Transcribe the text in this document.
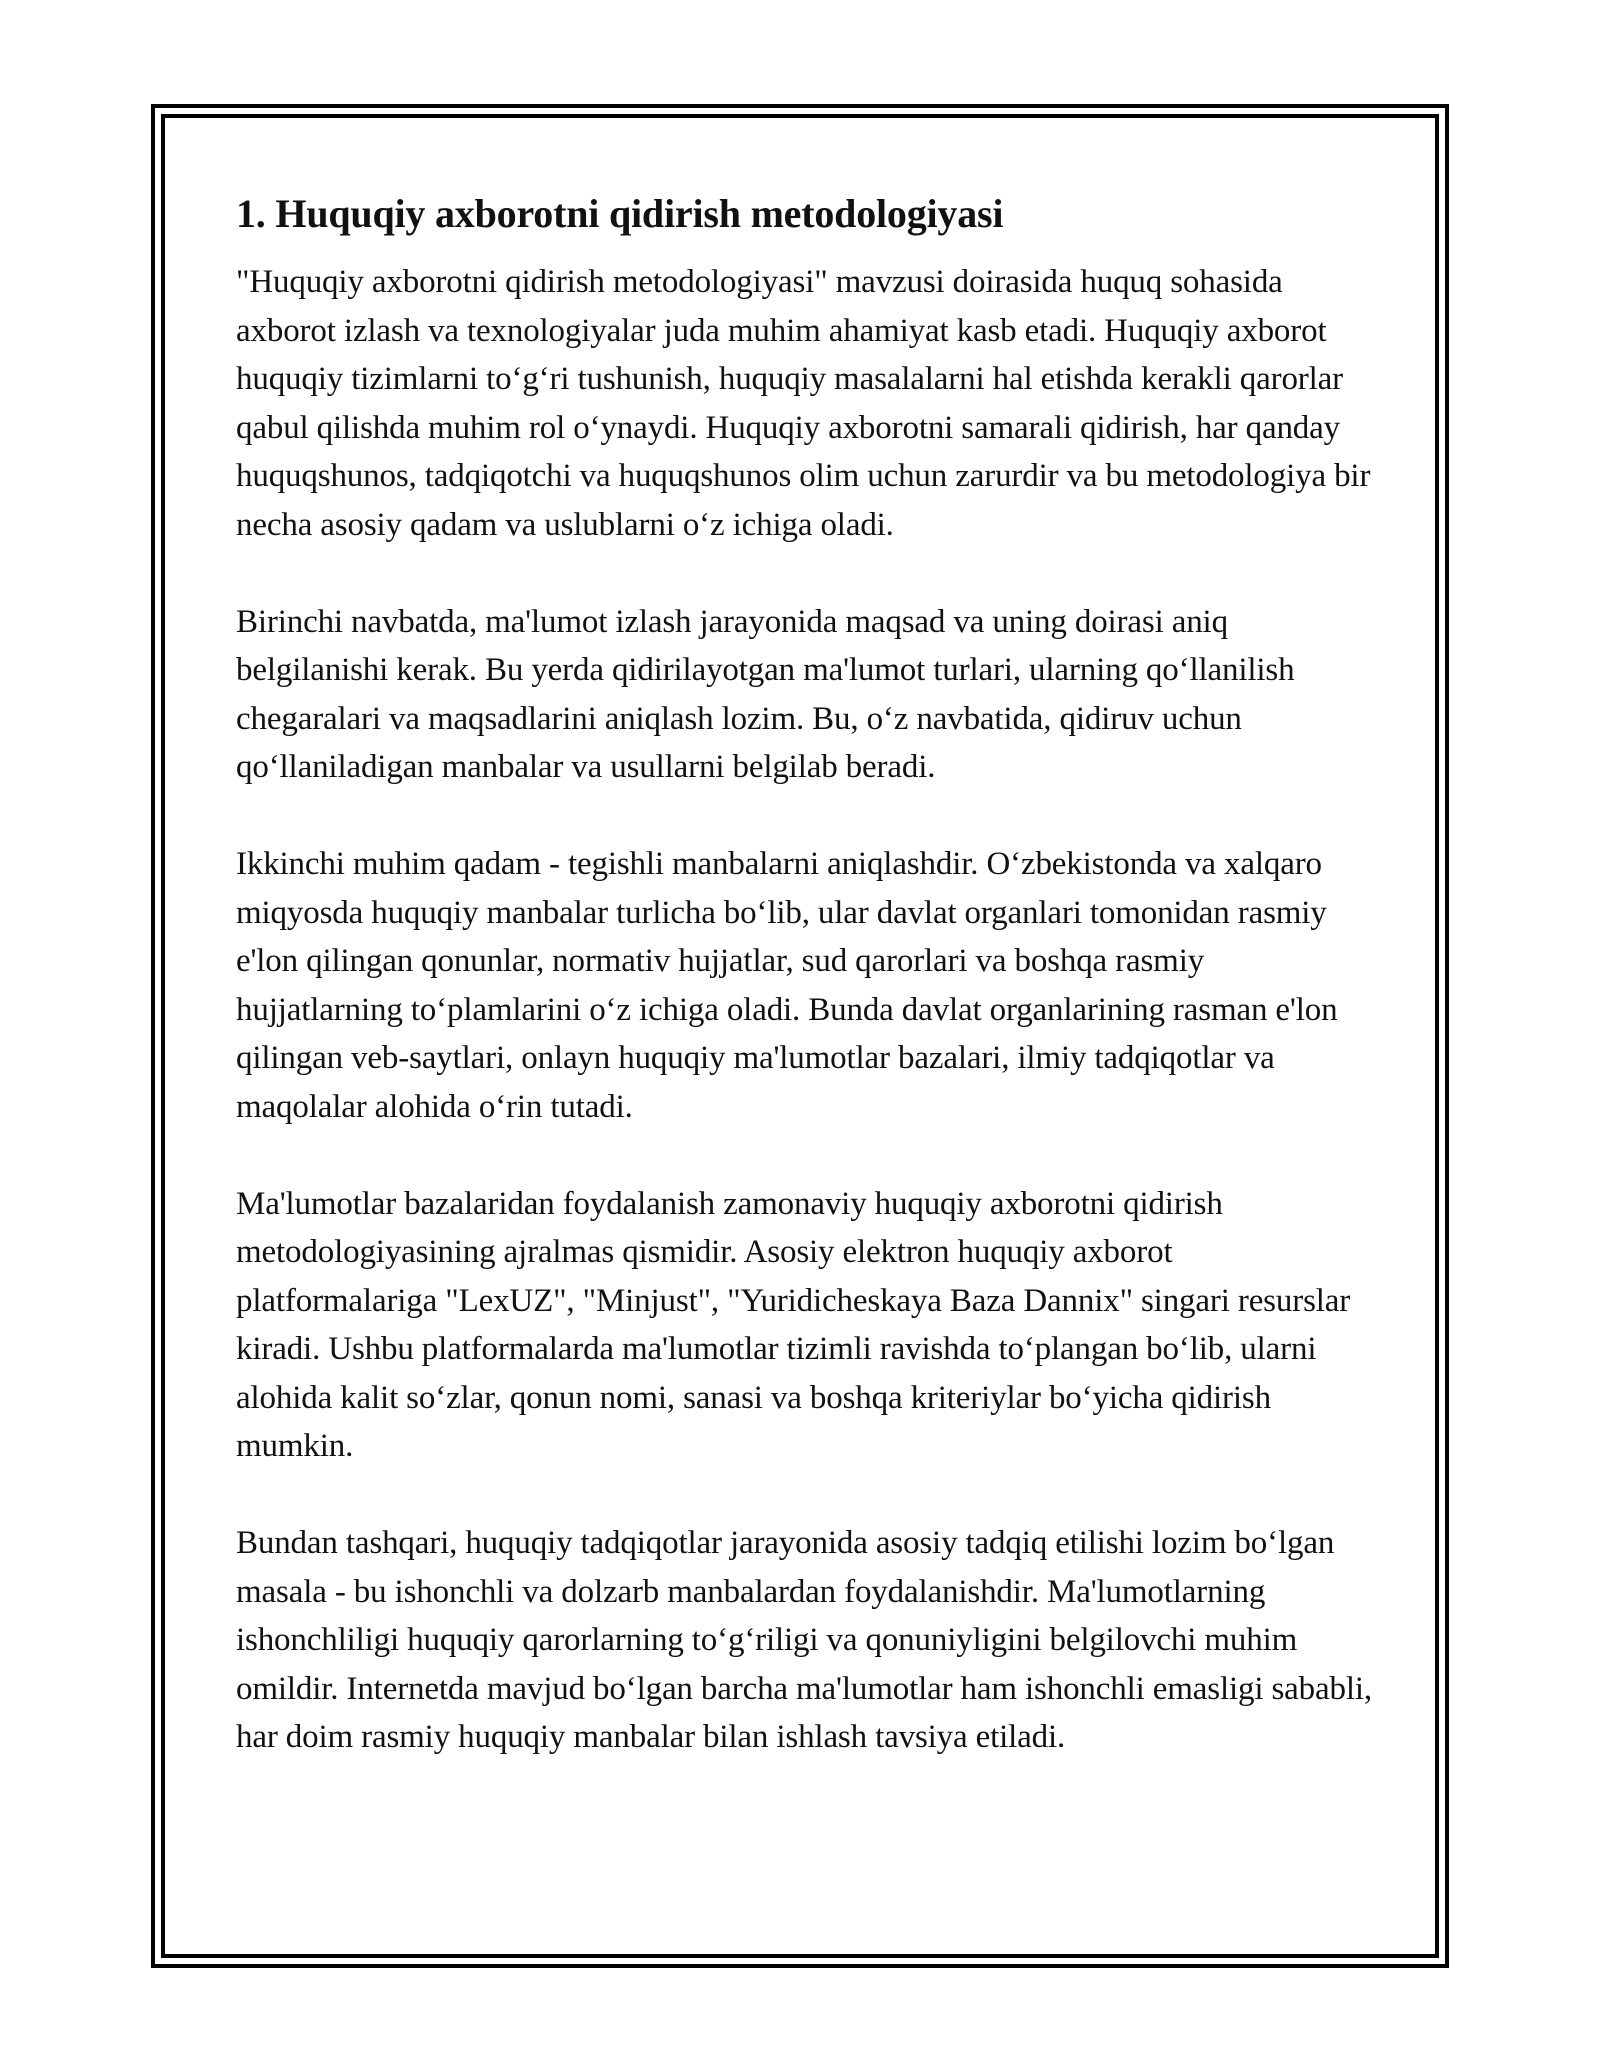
1. Huquqiy axborotni qidirish metodologiyasi

"Huquqiy axborotni qidirish metodologiyasi" mavzusi doirasida huquq sohasida axborot izlash va texnologiyalar juda muhim ahamiyat kasb etadi. Huquqiy axborot huquqiy tizimlarni to‘g‘ri tushunish, huquqiy masalalarni hal etishda kerakli qarorlar qabul qilishda muhim rol o‘ynaydi. Huquqiy axborotni samarali qidirish, har qanday huquqshunos, tadqiqotchi va huquqshunos olim uchun zarurdir va bu metodologiya bir necha asosiy qadam va uslublarni o‘z ichiga oladi.

Birinchi navbatda, ma'lumot izlash jarayonida maqsad va uning doirasi aniq belgilanishi kerak. Bu yerda qidirilayotgan ma'lumot turlari, ularning qo‘llanilish chegaralari va maqsadlarini aniqlash lozim. Bu, o‘z navbatida, qidiruv uchun qo‘llaniladigan manbalar va usullarni belgilab beradi.

Ikkinchi muhim qadam - tegishli manbalarni aniqlashdir. O‘zbekistonda va xalqaro miqyosda huquqiy manbalar turlicha bo‘lib, ular davlat organlari tomonidan rasmiy e'lon qilingan qonunlar, normativ hujjatlar, sud qarorlari va boshqa rasmiy hujjatlarning to‘plamlarini o‘z ichiga oladi. Bunda davlat organlarining rasman e'lon qilingan veb-saytlari, onlayn huquqiy ma'lumotlar bazalari, ilmiy tadqiqotlar va maqolalar alohida o‘rin tutadi.

Ma'lumotlar bazalaridan foydalanish zamonaviy huquqiy axborotni qidirish metodologiyasining ajralmas qismidir. Asosiy elektron huquqiy axborot platformalariga "LexUZ", "Minjust", "Yuridicheskaya Baza Dannix" singari resurslar kiradi. Ushbu platformalarda ma'lumotlar tizimli ravishda to‘plangan bo‘lib, ularni alohida kalit so‘zlar, qonun nomi, sanasi va boshqa kriteriylar bo‘yicha qidirish mumkin.

Bundan tashqari, huquqiy tadqiqotlar jarayonida asosiy tadqiq etilishi lozim bo‘lgan masala - bu ishonchli va dolzarb manbalardan foydalanishdir. Ma'lumotlarning ishonchliligi huquqiy qarorlarning to‘g‘riligi va qonuniyligini belgilovchi muhim omildir. Internetda mavjud bo‘lgan barcha ma'lumotlar ham ishonchli emasligi sababli, har doim rasmiy huquqiy manbalar bilan ishlash tavsiya etiladi.
